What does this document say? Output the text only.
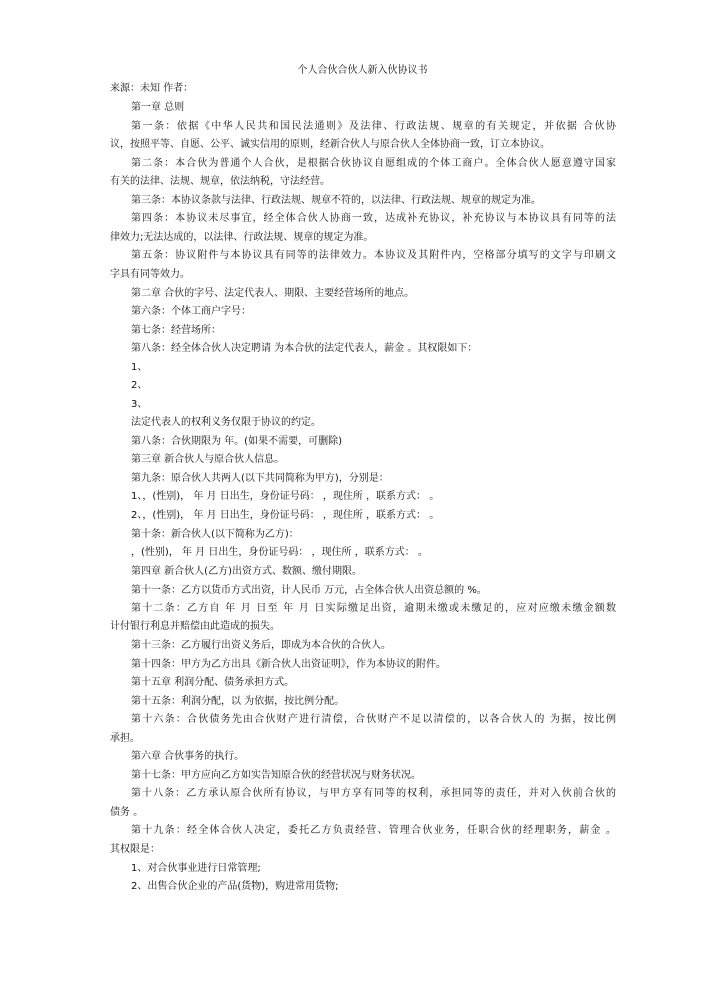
个人合伙合伙人新入伙协议书
来源：未知 作者：
第一章 总则
第一条：依据《中华人民共和国民法通则》及法律、行政法规、规章的有关规定，并依据 合伙协
议，按照平等、自愿、公平、诚实信用的原则，经新合伙人与原合伙人全体协商一致，订立本协议。
第二条：本合伙为普通个人合伙，是根据合伙协议自愿组成的个体工商户。全体合伙人愿意遵守国家
有关的法律、法规、规章，依法纳税，守法经营。
第三条：本协议条款与法律、行政法规、规章不符的，以法律、行政法规、规章的规定为准。
第四条：本协议未尽事宜，经全体合伙人协商一致，达成补充协议，补充协议与本协议具有同等的法
律效力;无法达成的，以法律、行政法规、规章的规定为准。
第五条：协议附件与本协议具有同等的法律效力。本协议及其附件内，空格部分填写的文字与印刷文
字具有同等效力。
第二章 合伙的字号、法定代表人、期限、主要经营场所的地点。
第六条：个体工商户字号：
第七条：经营场所：
第八条：经全体合伙人决定聘请 为本合伙的法定代表人，薪金 。其权限如下：
1、
2、
3、
法定代表人的权利义务仅限于协议的约定。
第八条：合伙期限为 年。(如果不需要，可删除)
第三章 新合伙人与原合伙人信息。
第九条：原合伙人共两人(以下共同简称为甲方)，分别是：
1、，(性别)， 年 月 日出生，身份证号码： ，现住所 ，联系方式： 。
2、，(性别)， 年 月 日出生，身份证号码： ，现住所 ，联系方式： 。
第十条：新合伙人(以下简称为乙方)：
，(性别)， 年 月 日出生，身份证号码： ，现住所 ，联系方式： 。
第四章 新合伙人(乙方)出资方式、数额、缴付期限。
第十一条：乙方以货币方式出资，计人民币 万元，占全体合伙人出资总额的 %。
第十二条：乙方自 年 月 日至 年 月 日实际缴足出资，逾期未缴或未缴足的，应对应缴未缴金额数
计付银行利息并赔偿由此造成的损失。
第十三条：乙方履行出资义务后，即成为本合伙的合伙人。
第十四条：甲方为乙方出具《新合伙人出资证明》，作为本协议的附件。
第十五章 利润分配、债务承担方式。
第十五条：利润分配，以 为依据，按比例分配。
第十六条：合伙债务先由合伙财产进行清偿，合伙财产不足以清偿的，以各合伙人的 为据，按比例
承担。
第六章 合伙事务的执行。
第十七条：甲方应向乙方如实告知原合伙的经营状况与财务状况。
第十八条：乙方承认原合伙所有协议，与甲方享有同等的权利，承担同等的责任，并对入伙前合伙的
债务 。
第十九条：经全体合伙人决定，委托乙方负责经营、管理合伙业务，任职合伙的经理职务，薪金 。
其权限是：
1、对合伙事业进行日常管理;
2、出售合伙企业的产品(货物)，购进常用货物;
